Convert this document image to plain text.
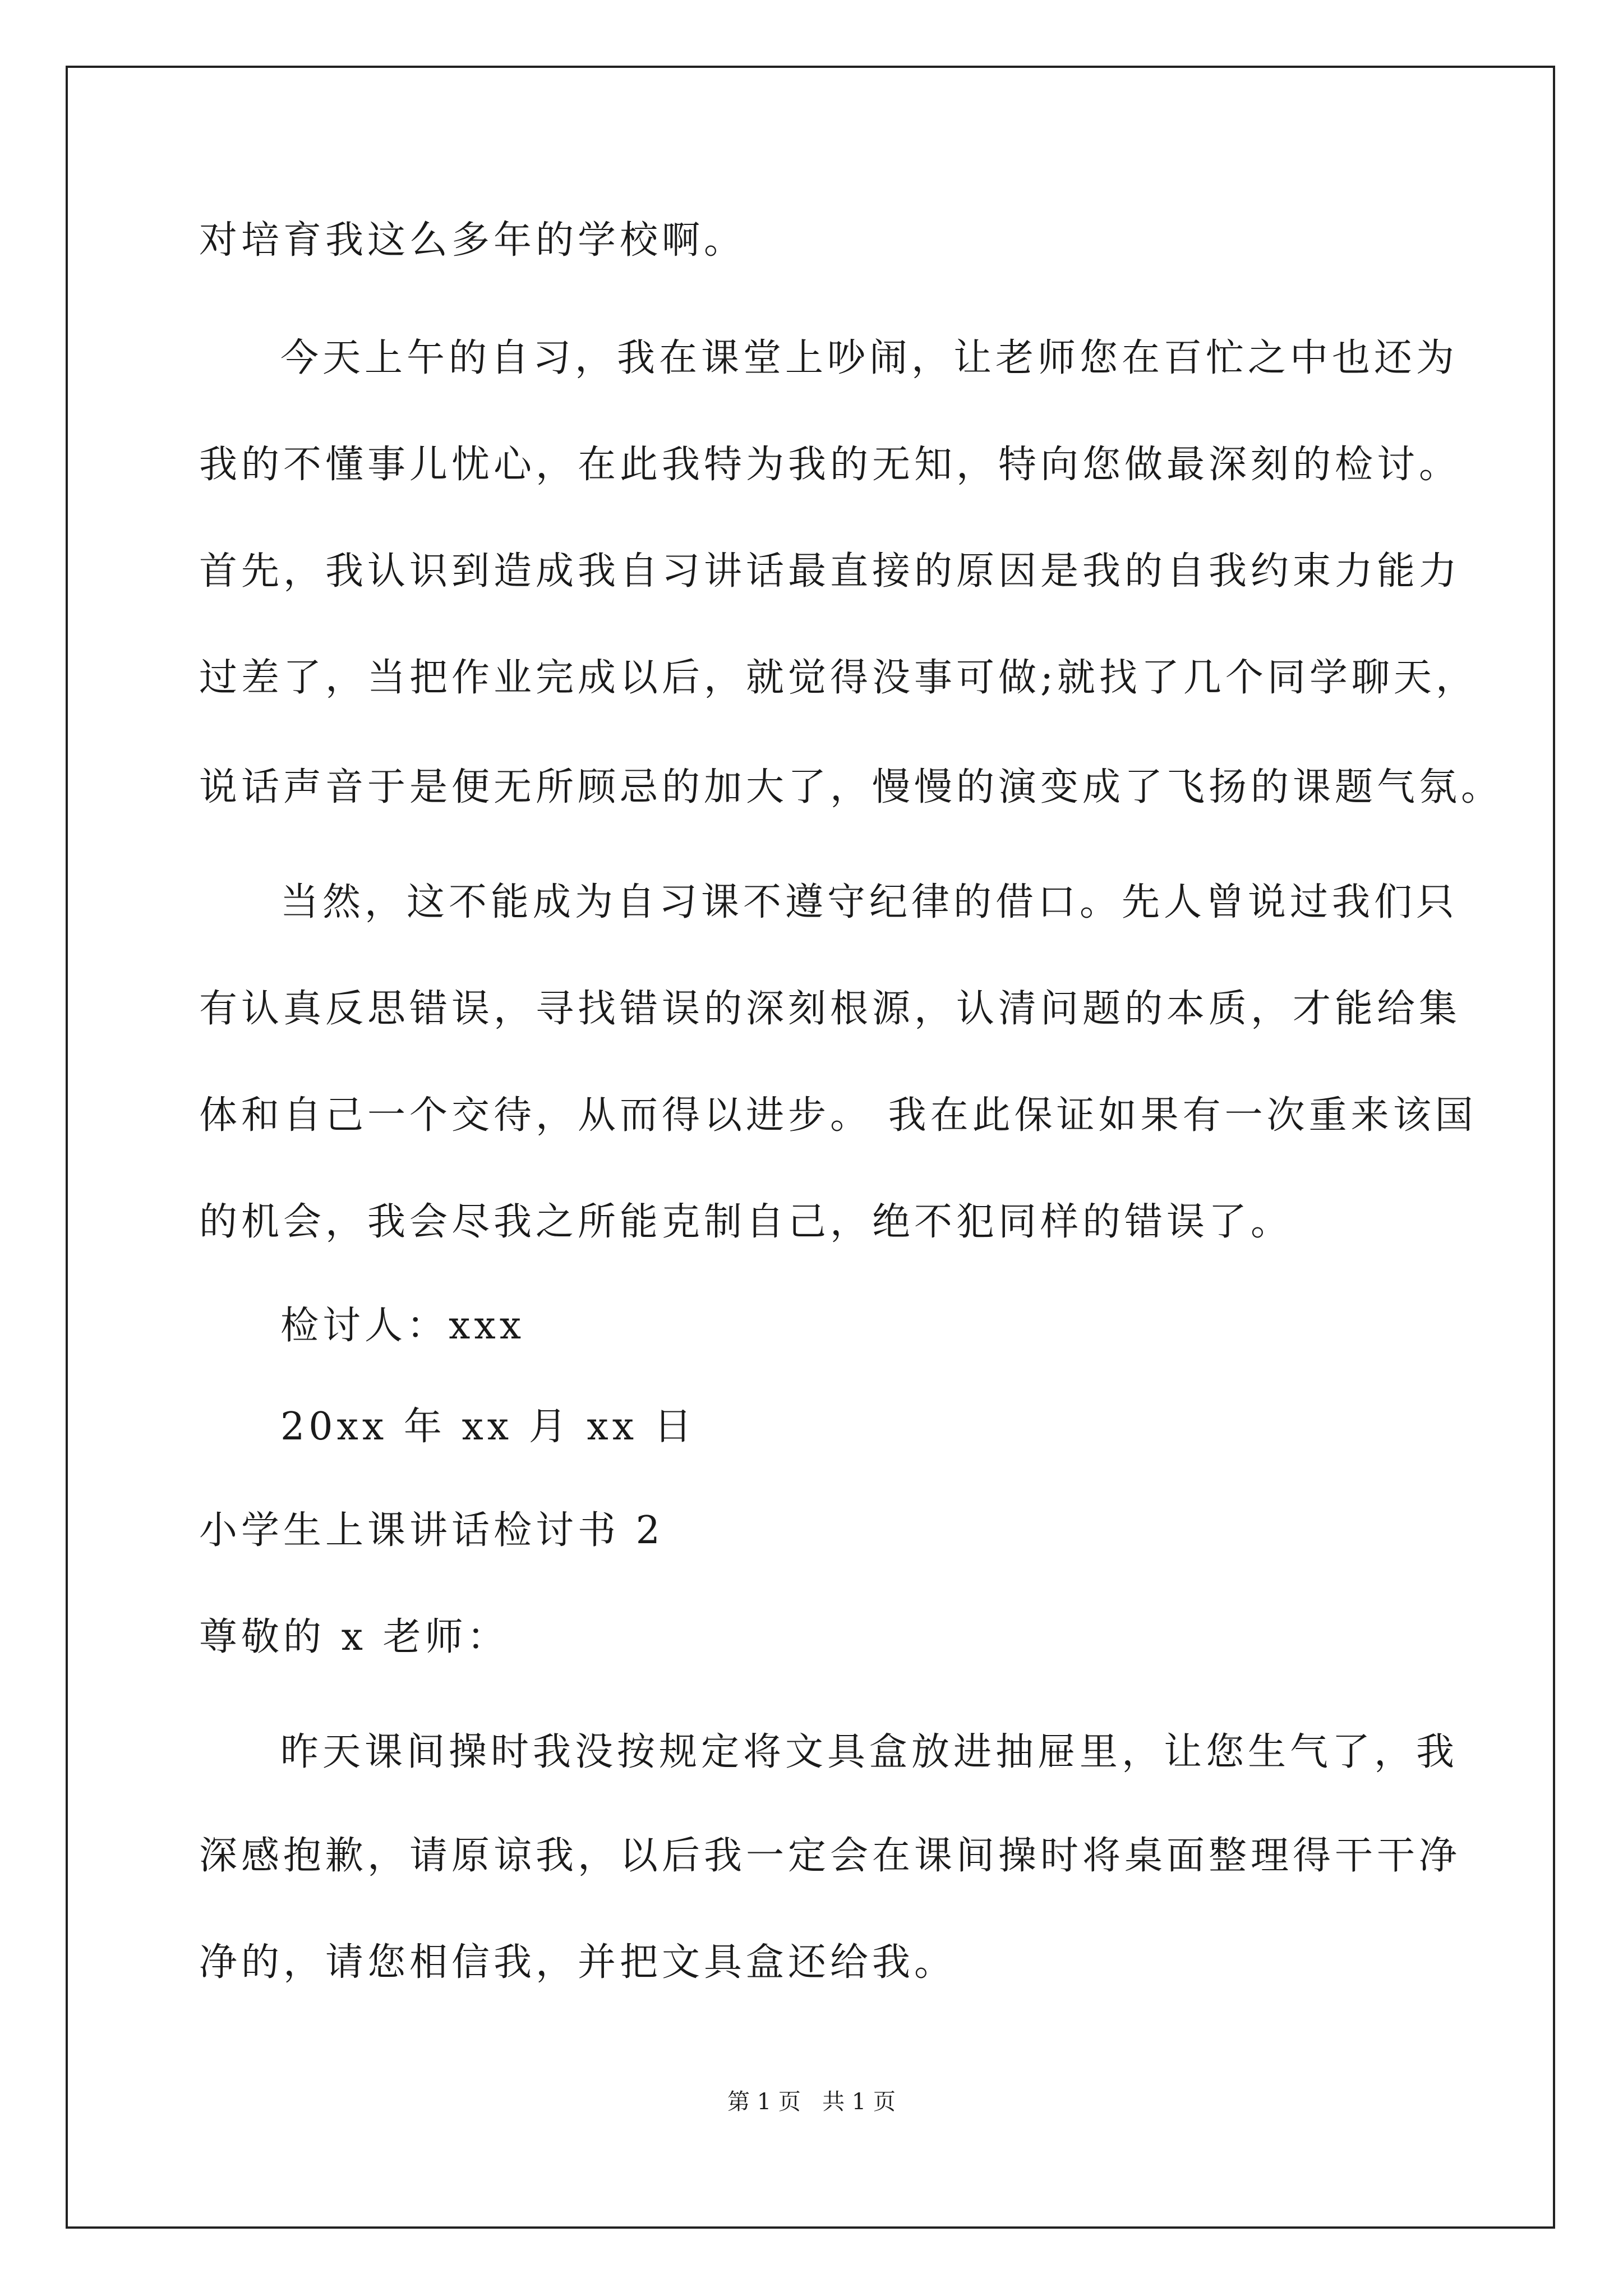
对培育我这么多年的学校啊。
今天上午的自习，我在课堂上吵闹，让老师您在百忙之中也还为
我的不懂事儿忧心，在此我特为我的无知，特向您做最深刻的检讨。
首先，我认识到造成我自习讲话最直接的原因是我的自我约束力能力
过差了，当把作业完成以后，就觉得没事可做;就找了几个同学聊天，
说话声音于是便无所顾忌的加大了，慢慢的演变成了飞扬的课题气氛。
当然，这不能成为自习课不遵守纪律的借口。先人曾说过我们只
有认真反思错误，寻找错误的深刻根源，认清问题的本质，才能给集
体和自己一个交待，从而得以进步。 我在此保证如果有一次重来该国
的机会，我会尽我之所能克制自己，绝不犯同样的错误了。
检讨人：xxx
20xx 年 xx 月 xx 日
小学生上课讲话检讨书 2
尊敬的 x 老师：
昨天课间操时我没按规定将文具盒放进抽屉里，让您生气了，我
深感抱歉，请原谅我，以后我一定会在课间操时将桌面整理得干干净
净的，请您相信我，并把文具盒还给我。
第 1 页   共 1 页
